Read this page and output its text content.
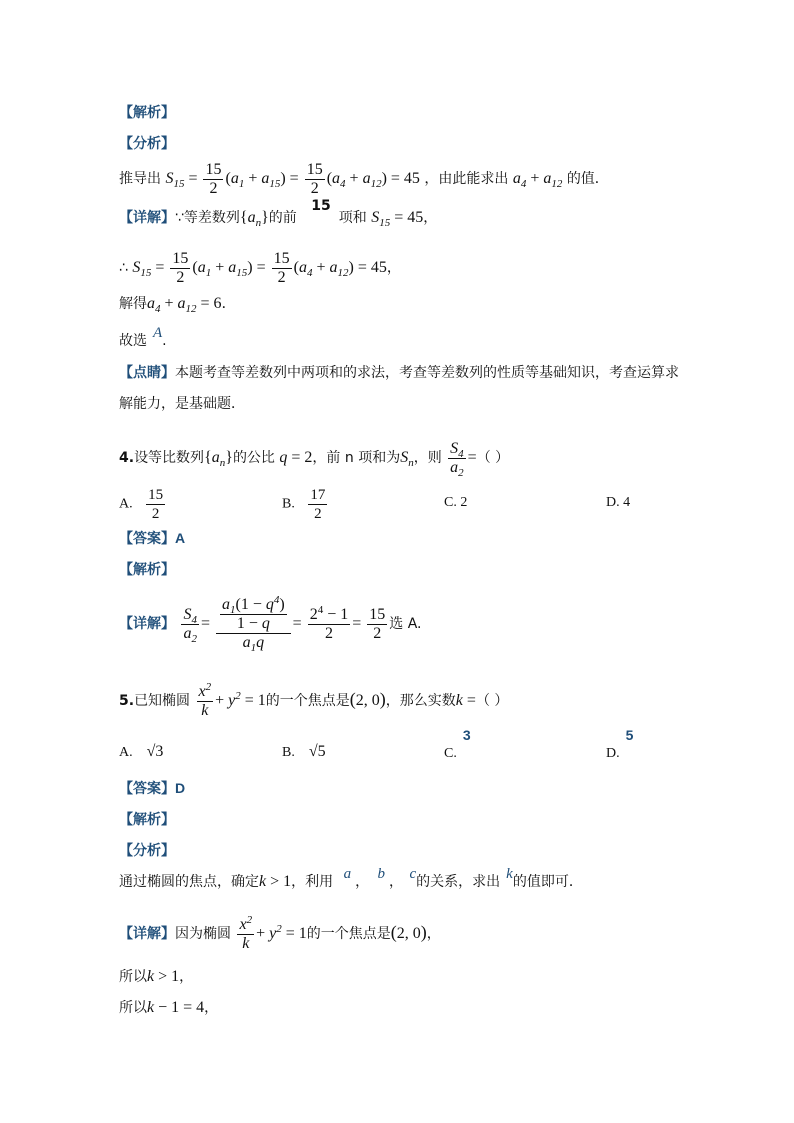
【解析】
【分析】
推导出 $S_{15} = \frac{15}{2} (a_1 + a_{15}) = \frac{15}{2} (a_4 + a_{12}) = 45$ ，由此能求出 $a_4 + a_{12}$ 的值．
【详解】∵等差数列$\{a_n\}$的前 15项和 $S_{15} = 45$，
∴ $S_{15} = \frac{15}{2} (a_1 + a_{15}) = \frac{15}{2} (a_4 + a_{12}) = 45$，
解得$a_4 + a_{12} = 6$．
故选 A.
【点睛】本题考查等差数列中两项和的求法，考查等差数列的性质等基础知识，考查运算求
解能力，是基础题．
4.设等比数列$\{a_n\}$的公比 q = 2，前 n 项和为$S_n$，则 $\frac{S_4}{a_2}$ =（ ）
A. $\frac{15}{2}$	B. $\frac{17}{2}$	C. 2	D. 4
【答案】A
【解析】
【详解】 $\frac{S_4}{a_2} = \frac{\frac{a_1(1 - q^4)}{1 - q}}{a_1q} = \frac{2^4 - 1}{2} = \frac{15}{2}$ 选 A.
5.已知椭圆 $\frac{x^2}{k} + y^2 = 1$的一个焦点是(2, 0)，那么实数k =（ ）
A. √3	B. √5	C.3
D.5
【答案】D
【解析】
【分析】
通过椭圆的焦点，确定k > 1，利用 a ， b ， c的关系，求出 k的值即可．
【详解】因为椭圆 $\frac{x^2}{k} + y^2 = 1$的一个焦点是(2, 0)，
所以k > 1，
所以k − 1 = 4，
